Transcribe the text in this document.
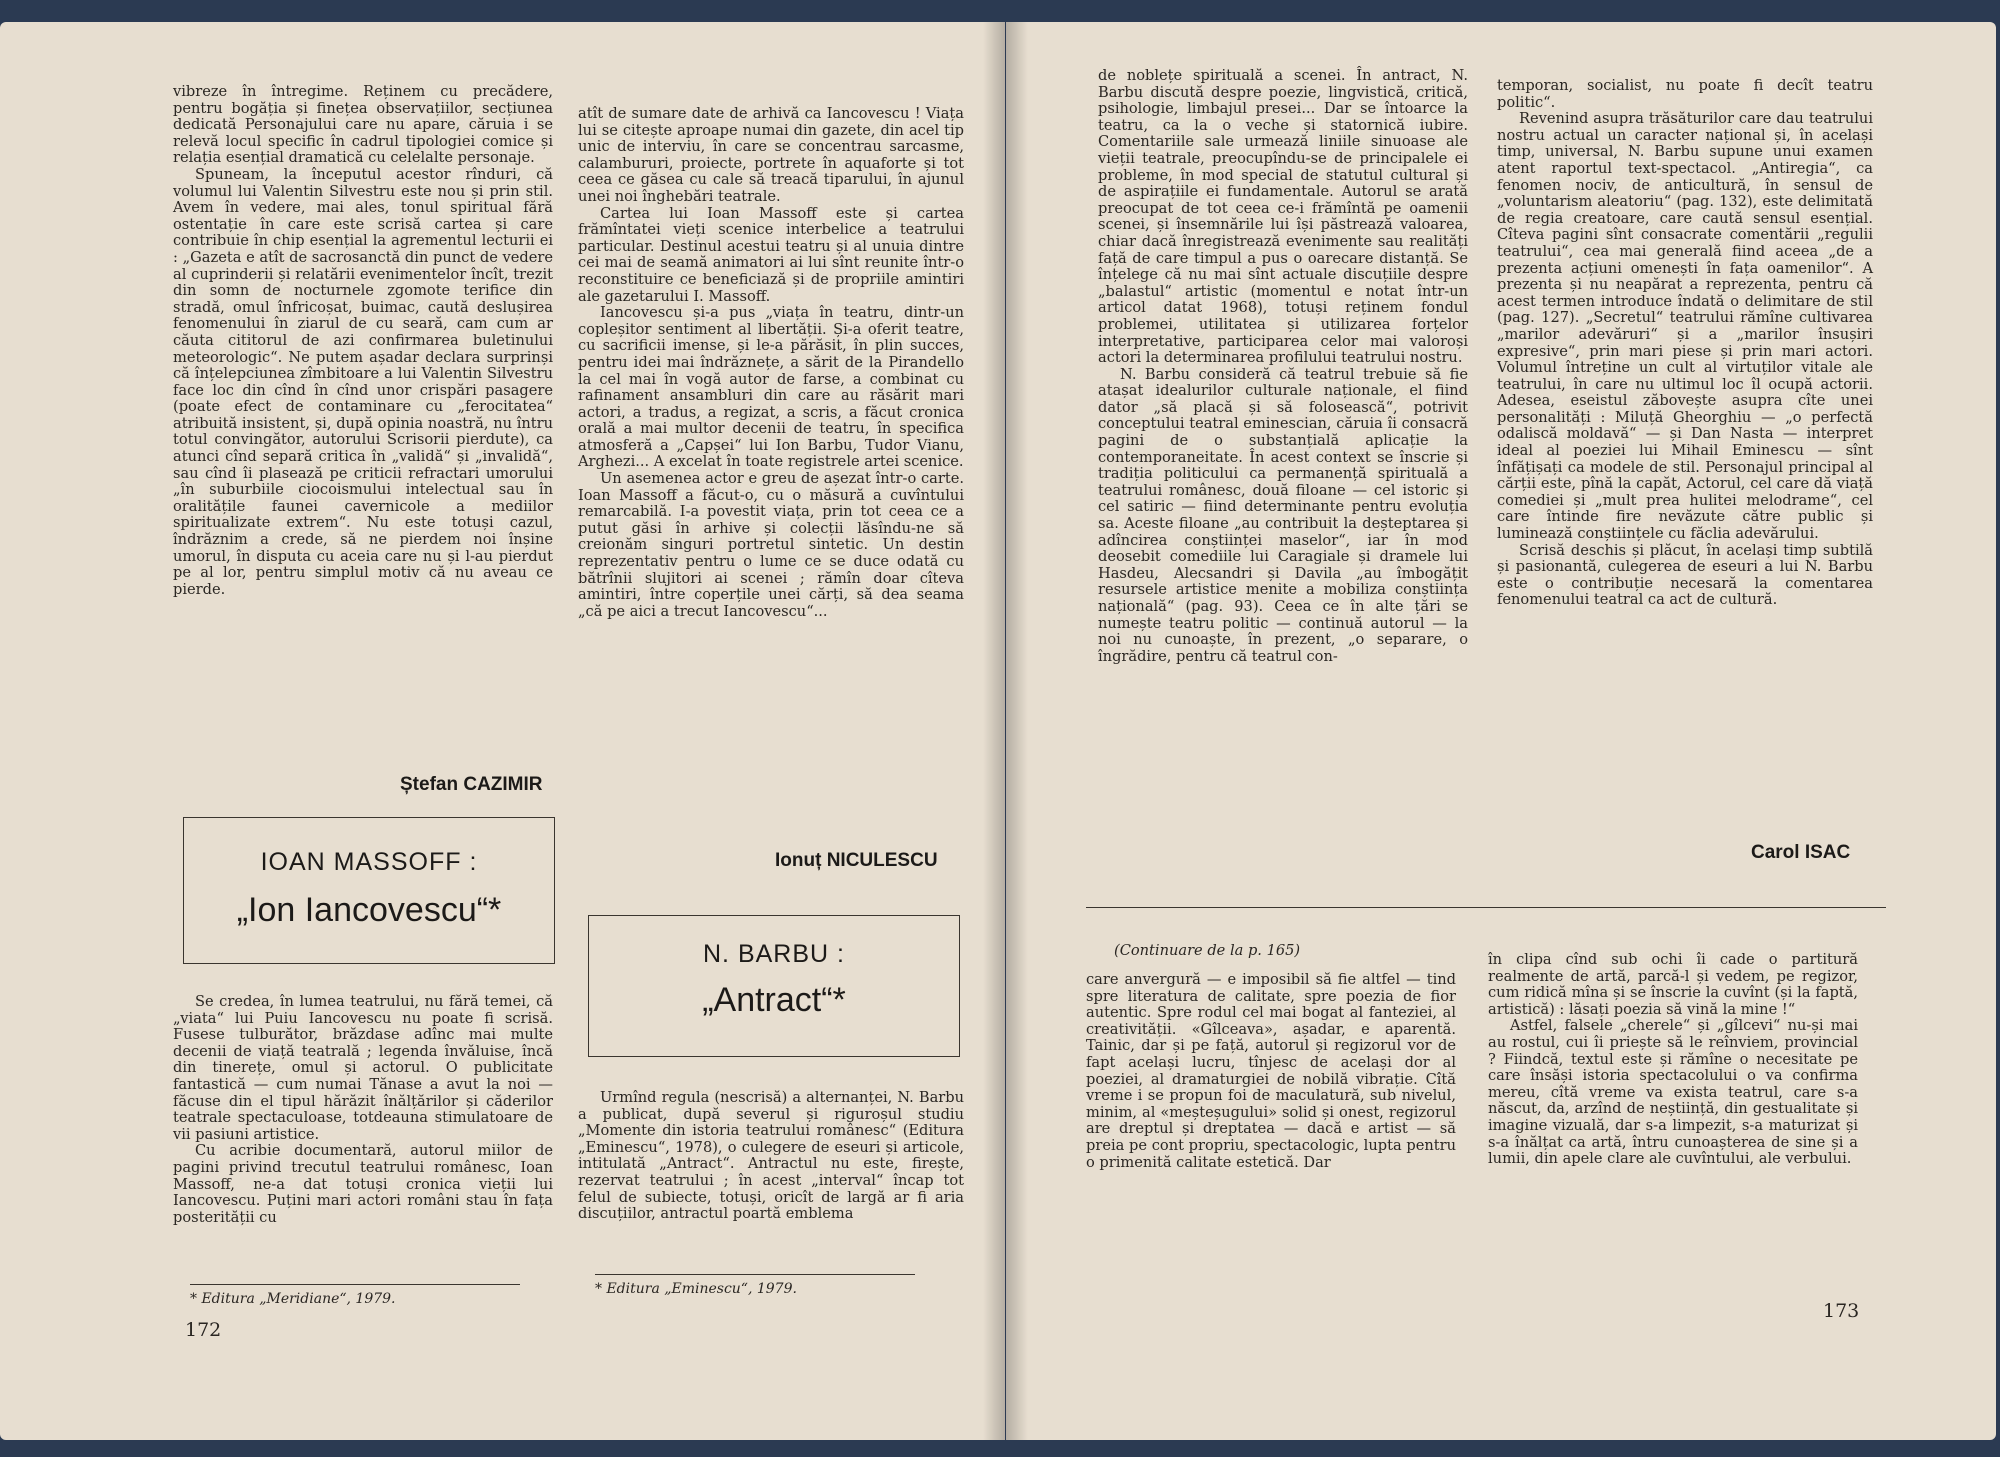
vibreze în întregime. Reținem cu precădere, pentru bogăția și finețea observațiilor, secțiunea dedicată Personajului care nu apare, căruia i se relevă locul specific în cadrul tipologiei comice și relația esențial dramatică cu celelalte personaje.

Spuneam, la începutul acestor rînduri, că volumul lui Valentin Silvestru este nou și prin stil. Avem în vedere, mai ales, tonul spiritual fără ostentație în care este scrisă cartea și care contribuie în chip esențial la agrementul lecturii ei : „Gazeta e atît de sacrosanctă din punct de vedere al cuprinderii și relatării evenimentelor încît, trezit din somn de nocturnele zgomote terifice din stradă, omul înfricoșat, buimac, caută deslușirea fenomenului în ziarul de cu seară, cam cum ar căuta cititorul de azi confirmarea buletinului meteorologic“. Ne putem așadar declara surprinși că înțelepciunea zîmbitoare a lui Valentin Silvestru face loc din cînd în cînd unor crispări pasagere (poate efect de contaminare cu „ferocitatea“ atribuită insistent, și, după opinia noastră, nu întru totul convingător, autorului Scrisorii pierdute), ca atunci cînd separă critica în „validă“ și „invalidă“, sau cînd îi plasează pe criticii refractari umorului „în suburbiile ciocoismului intelectual sau în oralitățile faunei cavernicole a mediilor spiritualizate extrem“. Nu este totuși cazul, îndrăznim a crede, să ne pierdem noi înșine umorul, în disputa cu aceia care nu și l-au pierdut pe al lor, pentru simplul motiv că nu aveau ce pierde.

Ștefan CAZIMIR
IOAN MASSOFF :
„Ion Iancovescu“*

Se credea, în lumea teatrului, nu fără temei, că „viata“ lui Puiu Iancovescu nu poate fi scrisă. Fusese tulburător, brăzdase adînc mai multe decenii de viață teatrală ; legenda învăluise, încă din tinerețe, omul și actorul. O publicitate fantastică — cum numai Tănase a avut la noi — făcuse din el tipul hărăzit înălțărilor și căderilor teatrale spectaculoase, totdeauna stimulatoare de vii pasiuni artistice.

Cu acribie documentară, autorul miilor de pagini privind trecutul teatrului românesc, Ioan Massoff, ne-a dat totuși cronica vieții lui Iancovescu. Puțini mari actori români stau în fața posterității cu

* Editura „Meridiane“, 1979.

atît de sumare date de arhivă ca Iancovescu ! Viața lui se citește aproape numai din gazete, din acel tip unic de interviu, în care se concentrau sarcasme, calambururi, proiecte, portrete în aquaforte și tot ceea ce găsea cu cale să treacă tiparului, în ajunul unei noi înghebări teatrale.

Cartea lui Ioan Massoff este și cartea frămîntatei vieți scenice interbelice a teatrului particular. Destinul acestui teatru și al unuia dintre cei mai de seamă animatori ai lui sînt reunite într-o reconstituire ce beneficiază și de propriile amintiri ale gazetarului I. Massoff.

Iancovescu și-a pus „viața în teatru, dintr-un copleșitor sentiment al libertății. Și-a oferit teatre, cu sacrificii imense, și le-a părăsit, în plin succes, pentru idei mai îndrăznețe, a sărit de la Pirandello la cel mai în vogă autor de farse, a combinat cu rafinament ansambluri din care au răsărit mari actori, a tradus, a regizat, a scris, a făcut cronica orală a mai multor decenii de teatru, în specifica atmosferă a „Capșei“ lui Ion Barbu, Tudor Vianu, Arghezi... A excelat în toate registrele artei scenice.

Un asemenea actor e greu de așezat într-o carte. Ioan Massoff a făcut-o, cu o măsură a cuvîntului remarcabilă. I-a povestit viața, prin tot ceea ce a putut găsi în arhive și colecții lăsîndu-ne să creionăm singuri portretul sintetic. Un destin reprezentativ pentru o lume ce se duce odată cu bătrînii slujitori ai scenei ; rămîn doar cîteva amintiri, între coperțile unei cărți, să dea seama „că pe aici a trecut Iancovescu“...

Ionuț NICULESCU
N. BARBU :
„Antract“*

Urmînd regula (nescrisă) a alternanței, N. Barbu a publicat, după severul și riguroșul studiu „Momente din istoria teatrului românesc“ (Editura „Eminescu“, 1978), o culegere de eseuri și articole, intitulată „Antract“. Antractul nu este, firește, rezervat teatrului ; în acest „interval“ încap tot felul de subiecte, totuși, oricît de largă ar fi aria discuțiilor, antractul poartă emblema

* Editura „Eminescu“, 1979.
172

de noblețe spirituală a scenei. În antract, N. Barbu discută despre poezie, lingvistică, critică, psihologie, limbajul presei... Dar se întoarce la teatru, ca la o veche și statornică iubire. Comentariile sale urmează liniile sinuoase ale vieții teatrale, preocupîndu-se de principalele ei probleme, în mod special de statutul cultural și de aspirațiile ei fundamentale. Autorul se arată preocupat de tot ceea ce-i frămîntă pe oamenii scenei, și însemnările lui își păstrează valoarea, chiar dacă înregistrează evenimente sau realități față de care timpul a pus o oarecare distanță. Se înțelege că nu mai sînt actuale discuțiile despre „balastul“ artistic (momentul e notat într-un articol datat 1968), totuși reținem fondul problemei, utilitatea și utilizarea forțelor interpretative, participarea celor mai valoroși actori la determinarea profilului teatrului nostru.

N. Barbu consideră că teatrul trebuie să fie atașat idealurilor culturale naționale, el fiind dator „să placă și să folosească“, potrivit conceptului teatral eminescian, căruia îi consacră pagini de o substanțială aplicație la contemporaneitate. În acest context se înscrie și tradiția politicului ca permanență spirituală a teatrului românesc, două filoane — cel istoric și cel satiric — fiind determinante pentru evoluția sa. Aceste filoane „au contribuit la deșteptarea și adîncirea conștiinței maselor“, iar în mod deosebit comediile lui Caragiale și dramele lui Hasdeu, Alecsandri și Davila „au îmbogățit resursele artistice menite a mobiliza conștiința națională“ (pag. 93). Ceea ce în alte țări se numește teatru politic — continuă autorul — la noi nu cunoaște, în prezent, „o separare, o îngrădire, pentru că teatrul con-

temporan, socialist, nu poate fi decît teatru politic“.

Revenind asupra trăsăturilor care dau teatrului nostru actual un caracter național și, în același timp, universal, N. Barbu supune unui examen atent raportul text-spectacol. „Antiregia“, ca fenomen nociv, de anticultură, în sensul de „voluntarism aleatoriu“ (pag. 132), este delimitată de regia creatoare, care caută sensul esențial. Cîteva pagini sînt consacrate comentării „regulii teatrului“, cea mai generală fiind aceea „de a prezenta acțiuni omenești în fața oamenilor“. A prezenta și nu neapărat a reprezenta, pentru că acest termen introduce îndată o delimitare de stil (pag. 127). „Secretul“ teatrului rămîne cultivarea „marilor adevăruri“ și a „marilor însușiri expresive“, prin mari piese și prin mari actori. Volumul întreține un cult al virtuților vitale ale teatrului, în care nu ultimul loc îl ocupă actorii. Adesea, eseistul zăbovește asupra cîte unei personalități : Miluță Gheorghiu — „o perfectă odaliscă moldavă“ — și Dan Nasta — interpret ideal al poeziei lui Mihail Eminescu — sînt înfățișați ca modele de stil. Personajul principal al cărții este, pînă la capăt, Actorul, cel care dă viață comediei și „mult prea hulitei melodrame“, cel care întinde fire nevăzute către public și luminează conștiințele cu făclia adevărului.

Scrisă deschis și plăcut, în același timp subtilă și pasionantă, culegerea de eseuri a lui N. Barbu este o contribuție necesară la comentarea fenomenului teatral ca act de cultură.

Carol ISAC
(Continuare de la p. 165)

care anvergură — e imposibil să fie altfel — tind spre literatura de calitate, spre poezia de fior autentic. Spre rodul cel mai bogat al fanteziei, al creativității. «Gîlceava», așadar, e aparentă. Tainic, dar și pe față, autorul și regizorul vor de fapt același lucru, tînjesc de același dor al poeziei, al dramaturgiei de nobilă vibrație. Cîtă vreme i se propun foi de maculatură, sub nivelul, minim, al «meșteșugului» solid și onest, regizorul are dreptul și dreptatea — dacă e artist — să preia pe cont propriu, spectacologic, lupta pentru o primenită calitate estetică. Dar

în clipa cînd sub ochi îi cade o partitură realmente de artă, parcă-l și vedem, pe regizor, cum ridică mîna și se înscrie la cuvînt (și la faptă, artistică) : lăsați poezia să vină la mine !“

Astfel, falsele „cherele“ și „gîlcevi“ nu-și mai au rostul, cui îi priește să le reînviem, provincial ? Fiindcă, textul este și rămîne o necesitate pe care însăși istoria spectacolului o va confirma mereu, cîtă vreme va exista teatrul, care s-a născut, da, arzînd de neștiință, din gestualitate și imagine vizuală, dar s-a limpezit, s-a maturizat și s-a înălțat ca artă, întru cunoașterea de sine și a lumii, din apele clare ale cuvîntului, ale verbului.

173
